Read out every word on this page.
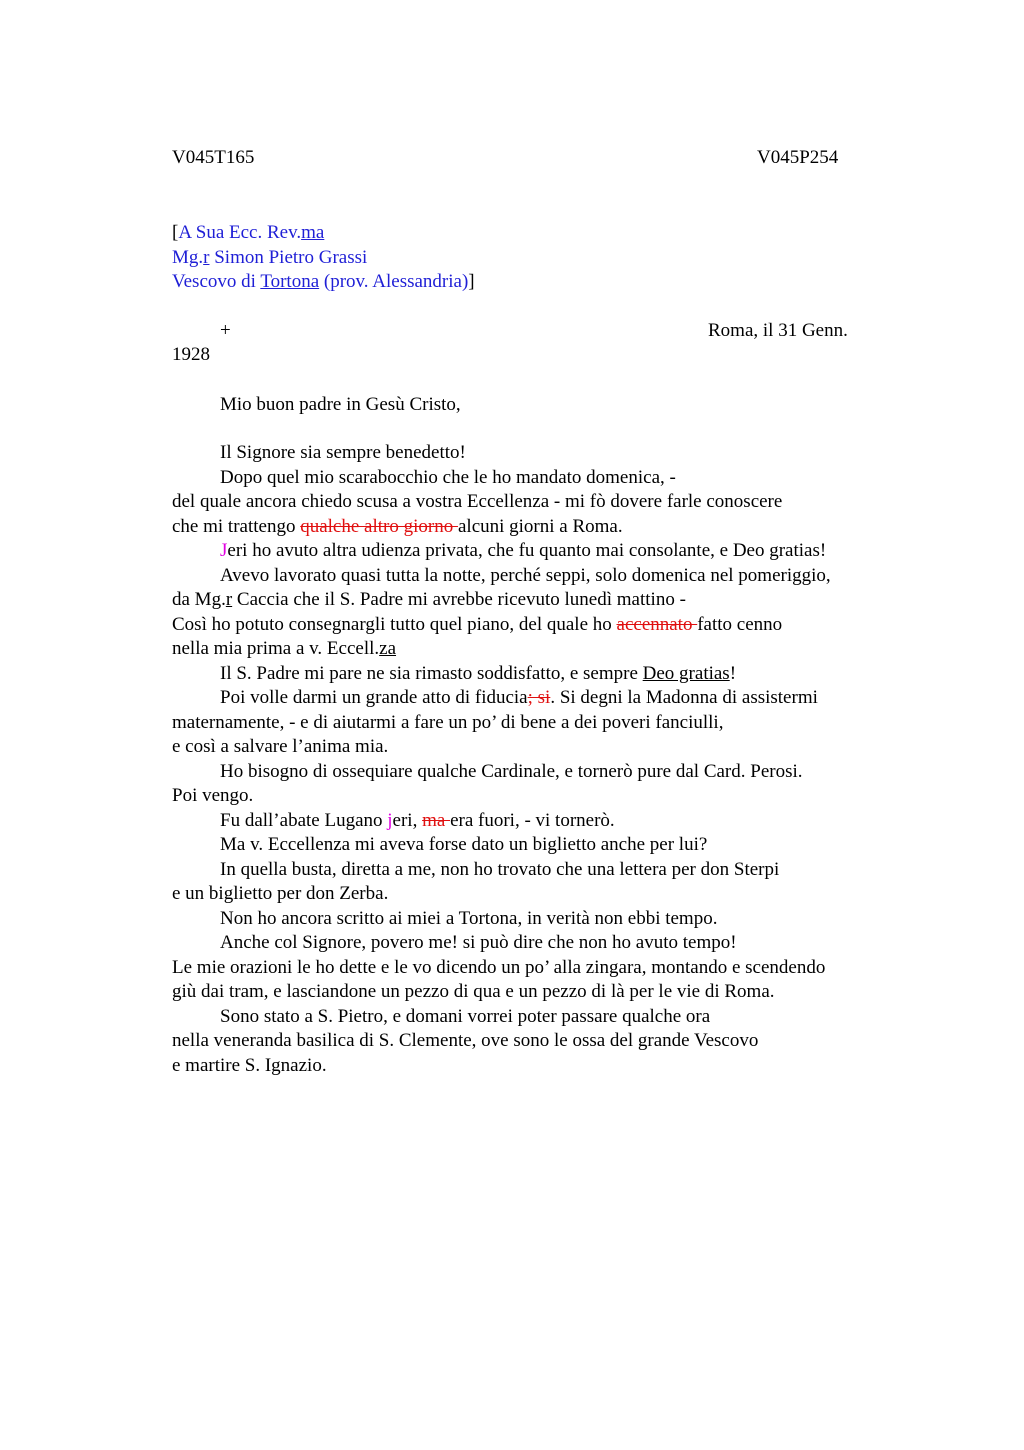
V045T165	V045P254
[A Sua Ecc. Rev.ma
Mg.r Simon Pietro Grassi
Vescovo di Tortona (prov. Alessandria)]
+	Roma, il 31 Genn.
1928
Mio buon padre in Gesù Cristo,
Il Signore sia sempre benedetto!
Dopo quel mio scarabocchio che le ho mandato domenica, -
del quale ancora chiedo scusa a vostra Eccellenza - mi fò dovere farle conoscere
che mi trattengo qualche altro giorno alcuni giorni a Roma.
Jeri ho avuto altra udienza privata, che fu quanto mai consolante, e Deo gratias!
Avevo lavorato quasi tutta la notte, perché seppi, solo domenica nel pomeriggio,
da Mg.r Caccia che il S. Padre mi avrebbe ricevuto lunedì mattino -
Così ho potuto consegnargli tutto quel piano, del quale ho accennato fatto cenno
nella mia prima a v. Eccell.za
Il S. Padre mi pare ne sia rimasto soddisfatto, e sempre Deo gratias!
Poi volle darmi un grande atto di fiducia; si. Si degni la Madonna di assistermi
maternamente, - e di aiutarmi a fare un po’ di bene a dei poveri fanciulli,
e così a salvare l’anima mia.
Ho bisogno di ossequiare qualche Cardinale, e tornerò pure dal Card. Perosi.
Poi vengo.
Fu dall’abate Lugano jeri, ma era fuori, - vi tornerò.
Ma v. Eccellenza mi aveva forse dato un biglietto anche per lui?
In quella busta, diretta a me, non ho trovato che una lettera per don Sterpi
e un biglietto per don Zerba.
Non ho ancora scritto ai miei a Tortona, in verità non ebbi tempo.
Anche col Signore, povero me! si può dire che non ho avuto tempo!
Le mie orazioni le ho dette e le vo dicendo un po’ alla zingara, montando e scendendo
giù dai tram, e lasciandone un pezzo di qua e un pezzo di là per le vie di Roma.
Sono stato a S. Pietro, e domani vorrei poter passare qualche ora
nella veneranda basilica di S. Clemente, ove sono le ossa del grande Vescovo
e martire S. Ignazio.
